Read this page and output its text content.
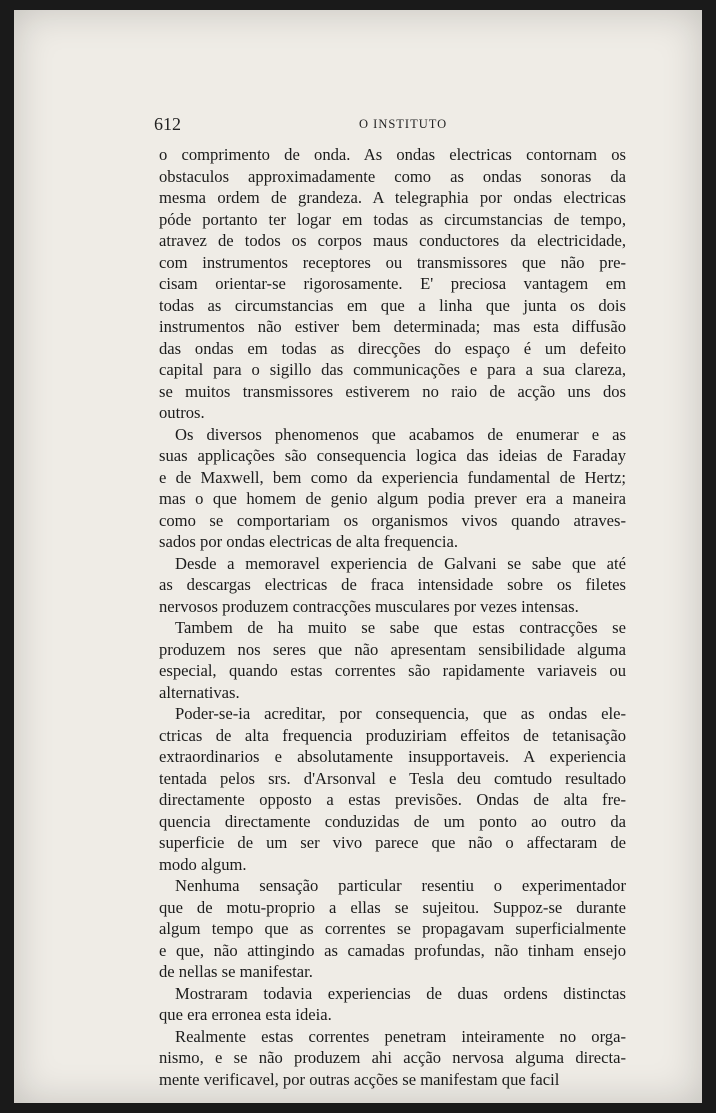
612	O INSTITUTO
o comprimento de onda. As ondas electricas contornam os
obstaculos approximadamente como as ondas sonoras da
mesma ordem de grandeza. A telegraphia por ondas electricas
póde portanto ter logar em todas as circumstancias de tempo,
atravez de todos os corpos maus conductores da electricidade,
com instrumentos receptores ou transmissores que não pre-
cisam orientar-se rigorosamente. E' preciosa vantagem em
todas as circumstancias em que a linha que junta os dois
instrumentos não estiver bem determinada; mas esta diffusão
das ondas em todas as direcções do espaço é um defeito
capital para o sigillo das communicações e para a sua clareza,
se muitos transmissores estiverem no raio de acção uns dos
outros.
Os diversos phenomenos que acabamos de enumerar e as
suas applicações são consequencia logica das ideias de Faraday
e de Maxwell, bem como da experiencia fundamental de Hertz;
mas o que homem de genio algum podia prever era a maneira
como se comportariam os organismos vivos quando atraves-
sados por ondas electricas de alta frequencia.
Desde a memoravel experiencia de Galvani se sabe que até
as descargas electricas de fraca intensidade sobre os filetes
nervosos produzem contracções musculares por vezes intensas.
Tambem de ha muito se sabe que estas contracções se
produzem nos seres que não apresentam sensibilidade alguma
especial, quando estas correntes são rapidamente variaveis ou
alternativas.
Poder-se-ia acreditar, por consequencia, que as ondas ele-
ctricas de alta frequencia produziriam effeitos de tetanisação
extraordinarios e absolutamente insupportaveis. A experiencia
tentada pelos srs. d'Arsonval e Tesla deu comtudo resultado
directamente opposto a estas previsões. Ondas de alta fre-
quencia directamente conduzidas de um ponto ao outro da
superficie de um ser vivo parece que não o affectaram de
modo algum.
Nenhuma sensação particular resentiu o experimentador
que de motu-proprio a ellas se sujeitou. Suppoz-se durante
algum tempo que as correntes se propagavam superficialmente
e que, não attingindo as camadas profundas, não tinham ensejo
de nellas se manifestar.
Mostraram todavia experiencias de duas ordens distinctas
que era erronea esta ideia.
Realmente estas correntes penetram inteiramente no orga-
nismo, e se não produzem ahi acção nervosa alguma directa-
mente verificavel, por outras acções se manifestam que facil
